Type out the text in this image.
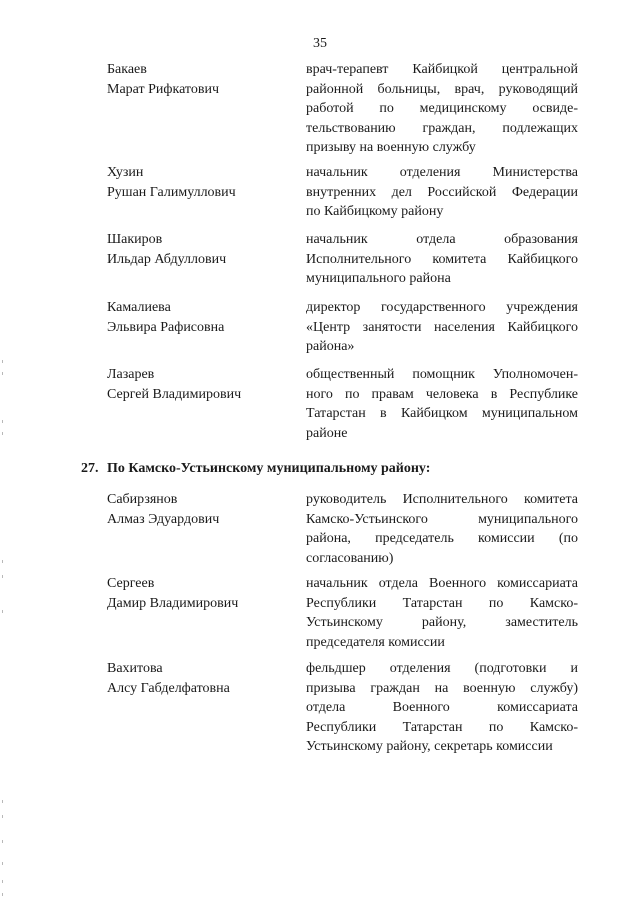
35
Бакаев
Марат Рифкатович
врач-терапевт Кайбицкой центральной
районной больницы, врач, руководящий
работой по медицинскому освиде-
тельствованию граждан, подлежащих
призыву на военную службу
Хузин
Рушан Галимуллович
начальник отделения Министерства
внутренних дел Российской Федерации
по Кайбицкому району
Шакиров
Ильдар Абдуллович
начальник отдела образования
Исполнительного комитета Кайбицкого
муниципального района
Камалиева
Эльвира Рафисовна
директор государственного учреждения
«Центр занятости населения Кайбицкого
района»
Лазарев
Сергей Владимирович
общественный помощник Уполномочен-
ного по правам человека в Республике
Татарстан в Кайбицком муниципальном
районе
27. По Камско-Устьинскому муниципальному району:
Сабирзянов
Алмаз Эдуардович
руководитель Исполнительного комитета
Камско-Устьинского муниципального
района, председатель комиссии (по
согласованию)
Сергеев
Дамир Владимирович
начальник отдела Военного комиссариата
Республики Татарстан по Камско-
Устьинскому району, заместитель
председателя комиссии
Вахитова
Алсу Габделфатовна
фельдшер отделения (подготовки и
призыва граждан на военную службу)
отдела Военного комиссариата
Республики Татарстан по Камско-
Устьинскому району, секретарь комиссии
